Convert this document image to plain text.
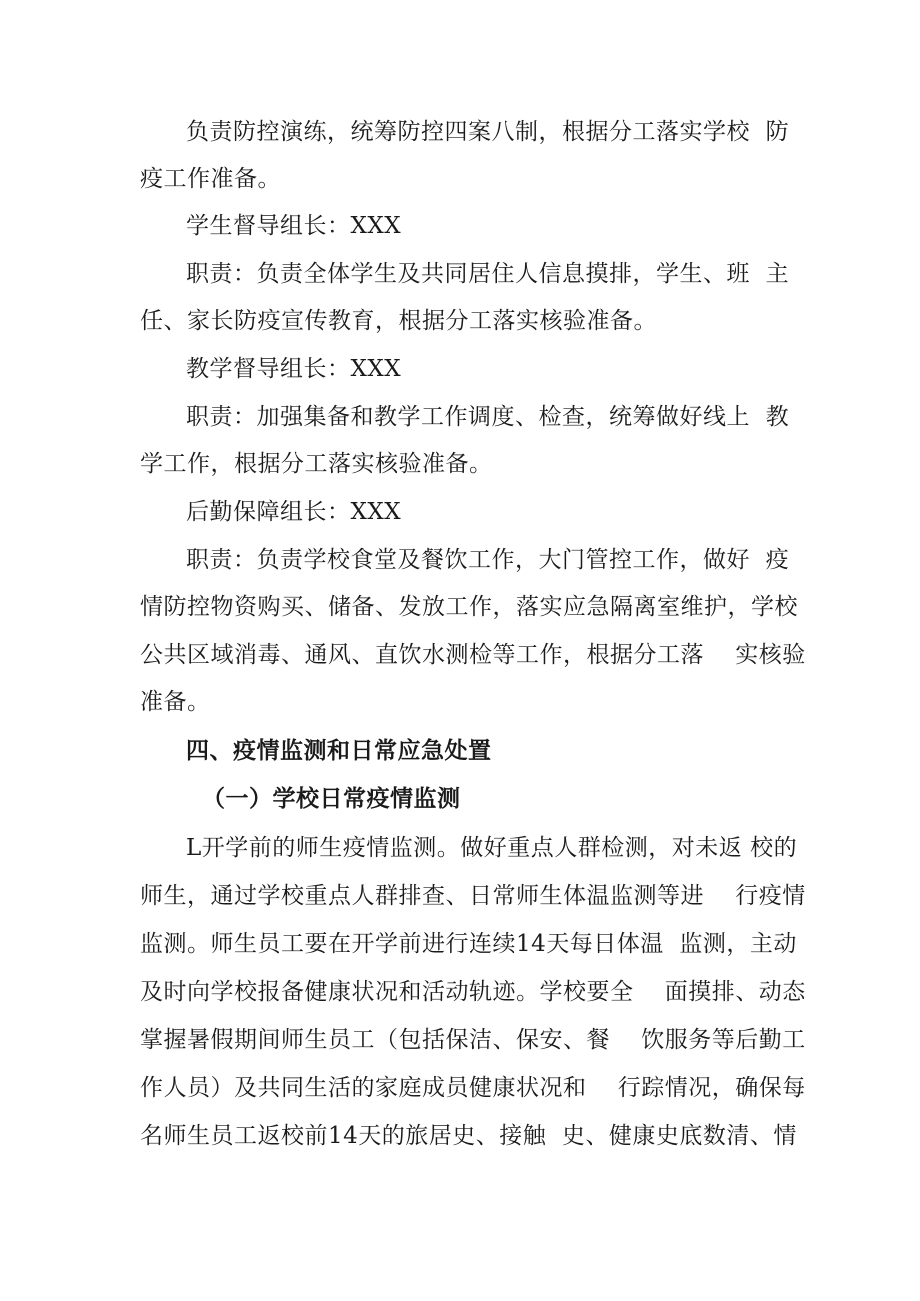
负责防控演练，统筹防控四案八制，根据分工落实学校  防
疫工作准备。
学生督导组长：XXX
职责：负责全体学生及共同居住人信息摸排，学生、班  主
任、家长防疫宣传教育，根据分工落实核验准备。
教学督导组长：XXX
职责：加强集备和教学工作调度、检查，统筹做好线上  教
学工作，根据分工落实核验准备。
后勤保障组长：XXX
职责：负责学校食堂及餐饮工作，大门管控工作，做好  疫
情防控物资购买、储备、发放工作，落实应急隔离室维护，学校
公共区域消毒、通风、直饮水测检等工作，根据分工落    实核验
准备。
四、疫情监测和日常应急处置
（一）学校日常疫情监测
L开学前的师生疫情监测。做好重点人群检测，对未返 校的
师生，通过学校重点人群排查、日常师生体温监测等进    行疫情
监测。师生员工要在开学前进行连续14天每日体温  监测，主动
及时向学校报备健康状况和活动轨迹。学校要全    面摸排、动态
掌握暑假期间师生员工（包括保洁、保安、餐    饮服务等后勤工
作人员）及共同生活的家庭成员健康状况和    行踪情况，确保每
名师生员工返校前14天的旅居史、接触  史、健康史底数清、情
